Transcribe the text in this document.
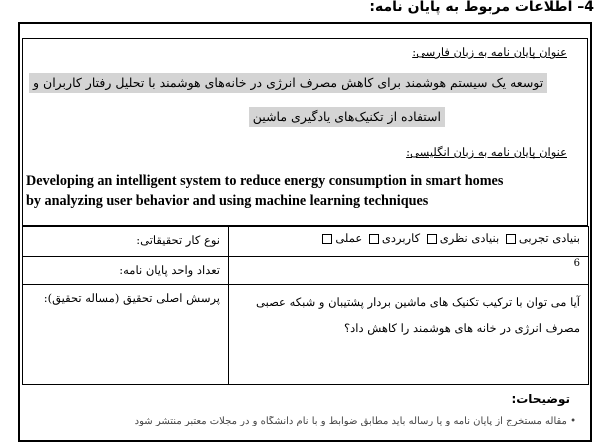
4– اطلاعات مربوط به پایان نامه:
عنوان پایان نامه به زبان فارسی:
توسعه یک سیستم هوشمند برای کاهش مصرف انرژی در خانه‌های هوشمند با تحلیل رفتار کاربران و
استفاده از تکنیک‌های یادگیری ماشین
عنوان پایان نامه به زبان انگلیسی:
Developing an intelligent system to reduce energy consumption in smart homes
by analyzing user behavior and using machine learning techniques
نوع کار تحقیقاتی:	بنیادی تجربی بنیادی نظری کاربردی عملی
تعداد واحد پایان نامه:	6
پرسش اصلی تحقیق (مساله تحقیق):	آیا می توان با ترکیب تکنیک های ماشین بردار پشتیبان و شبکه عصبی
مصرف انرژی در خانه های هوشمند را کاهش داد؟
توضیحات:
• مقاله مستخرج از پایان نامه و یا رساله باید مطابق ضوابط و با نام دانشگاه و در مجلات معتبر منتشر شود
